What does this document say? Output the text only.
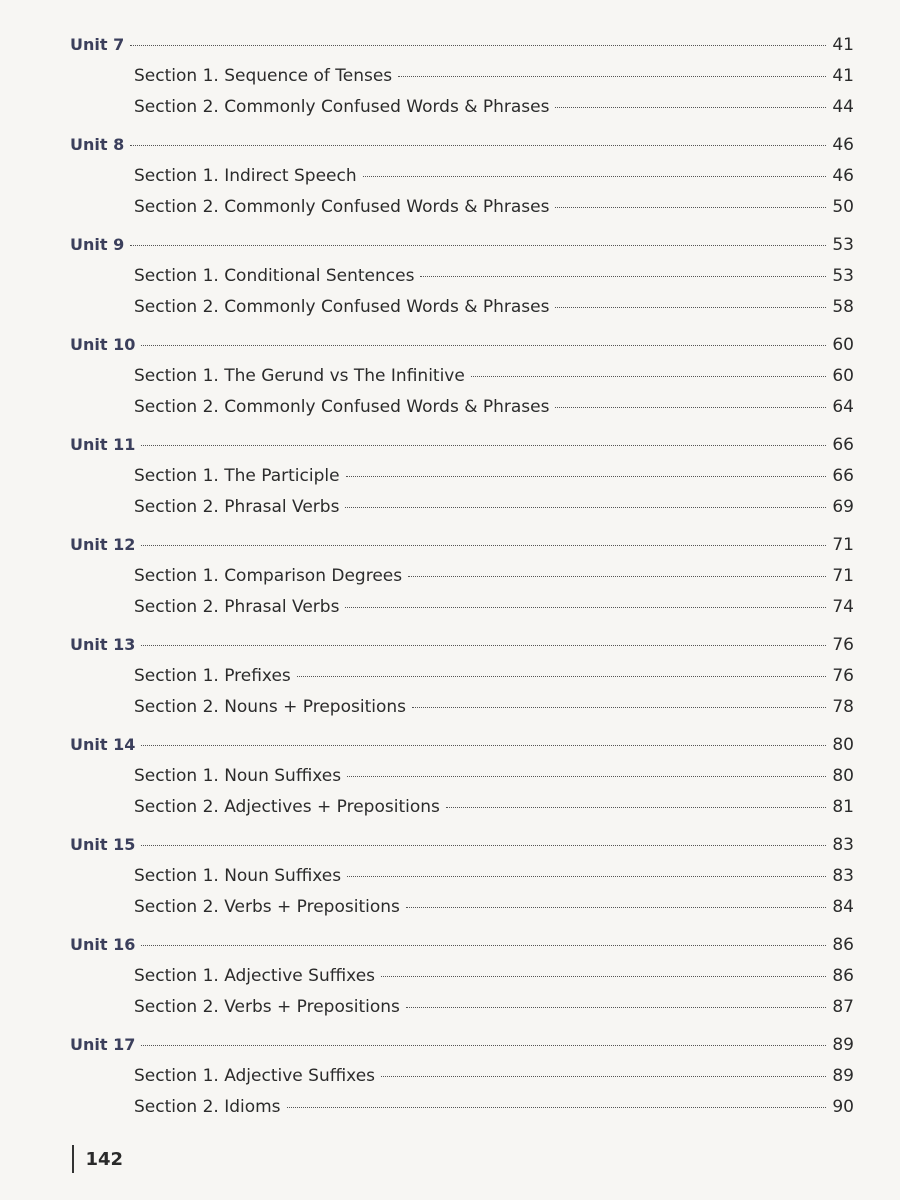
Unit 7	41
Section 1. Sequence of Tenses	41
Section 2. Commonly Confused Words & Phrases	44
Unit 8	46
Section 1. Indirect Speech	46
Section 2. Commonly Confused Words & Phrases	50
Unit 9	53
Section 1. Conditional Sentences	53
Section 2. Commonly Confused Words & Phrases	58
Unit 10	60
Section 1. The Gerund vs The Infinitive	60
Section 2. Commonly Confused Words & Phrases	64
Unit 11	66
Section 1. The Participle	66
Section 2. Phrasal Verbs	69
Unit 12	71
Section 1. Comparison Degrees	71
Section 2. Phrasal Verbs	74
Unit 13	76
Section 1. Prefixes	76
Section 2. Nouns + Prepositions	78
Unit 14	80
Section 1. Noun Suffixes	80
Section 2. Adjectives + Prepositions	81
Unit 15	83
Section 1. Noun Suffixes	83
Section 2. Verbs + Prepositions	84
Unit 16	86
Section 1. Adjective Suffixes	86
Section 2. Verbs + Prepositions	87
Unit 17	89
Section 1. Adjective Suffixes	89
Section 2. Idioms	90
142
